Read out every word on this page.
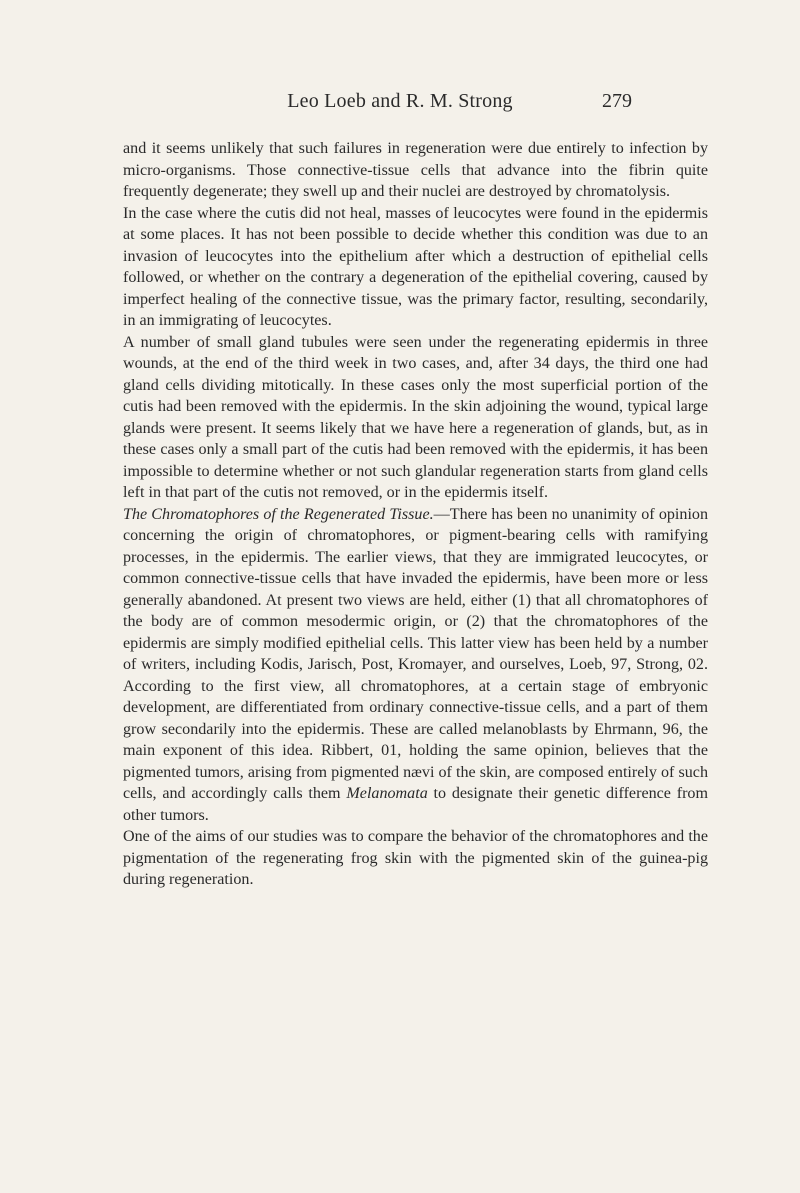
Leo Loeb and R. M. Strong	279

and it seems unlikely that such failures in regeneration were due entirely to infection by micro-organisms. Those connective-tissue cells that advance into the fibrin quite frequently degenerate; they swell up and their nuclei are destroyed by chromatolysis.

In the case where the cutis did not heal, masses of leucocytes were found in the epidermis at some places. It has not been possible to decide whether this condition was due to an invasion of leucocytes into the epithelium after which a destruction of epithelial cells followed, or whether on the contrary a degeneration of the epithelial covering, caused by imperfect healing of the connective tissue, was the primary factor, resulting, secondarily, in an immigrating of leucocytes.

A number of small gland tubules were seen under the regenerating epidermis in three wounds, at the end of the third week in two cases, and, after 34 days, the third one had gland cells dividing mitotically. In these cases only the most superficial portion of the cutis had been removed with the epidermis. In the skin adjoining the wound, typical large glands were present. It seems likely that we have here a regeneration of glands, but, as in these cases only a small part of the cutis had been removed with the epidermis, it has been impossible to determine whether or not such glandular regeneration starts from gland cells left in that part of the cutis not removed, or in the epidermis itself.

The Chromatophores of the Regenerated Tissue.—There has been no unanimity of opinion concerning the origin of chromatophores, or pigment-bearing cells with ramifying processes, in the epidermis. The earlier views, that they are immigrated leucocytes, or common connective-tissue cells that have invaded the epidermis, have been more or less generally abandoned. At present two views are held, either (1) that all chromatophores of the body are of common mesodermic origin, or (2) that the chromatophores of the epidermis are simply modified epithelial cells. This latter view has been held by a number of writers, including Kodis, Jarisch, Post, Kromayer, and ourselves, Loeb, 97, Strong, 02. According to the first view, all chromatophores, at a certain stage of embryonic development, are differentiated from ordinary connective-tissue cells, and a part of them grow secondarily into the epidermis. These are called melanoblasts by Ehrmann, 96, the main exponent of this idea. Ribbert, 01, holding the same opinion, believes that the pigmented tumors, arising from pigmented nævi of the skin, are composed entirely of such cells, and accordingly calls them Melanomata to designate their genetic difference from other tumors.

One of the aims of our studies was to compare the behavior of the chromatophores and the pigmentation of the regenerating frog skin with the pigmented skin of the guinea-pig during regeneration.
